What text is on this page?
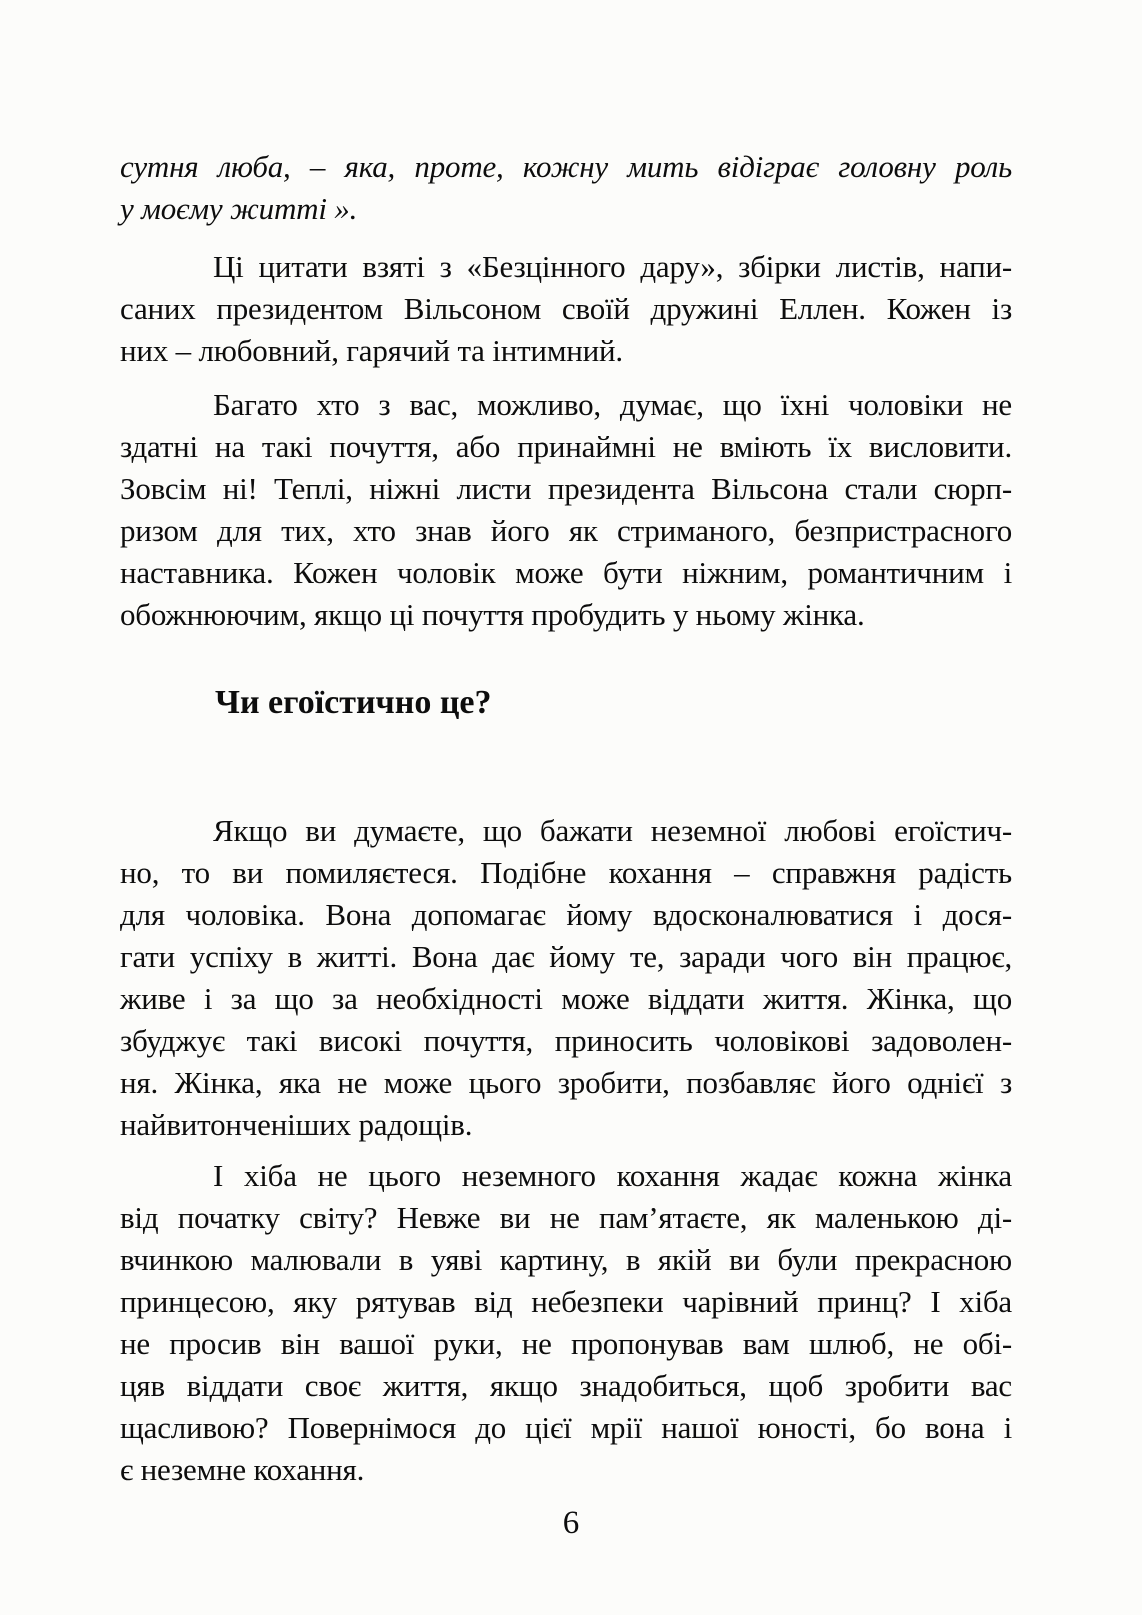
сутня люба, – яка, проте, кожну мить відіграє головну роль
у моєму житті ».
Ці цитати взяті з «Безцінного дару», збірки листів, напи-
саних президентом Вільсоном своїй дружині Еллен. Кожен із
них – любовний, гарячий та інтимний.
Багато хто з вас, можливо, думає, що їхні чоловіки не
здатні на такі почуття, або принаймні не вміють їх висловити.
Зовсім ні! Теплі, ніжні листи президента Вільсона стали сюрп-
ризом для тих, хто знав його як стриманого, безпристрасного
наставника. Кожен чоловік може бути ніжним, романтичним і
обожнюючим, якщо ці почуття пробудить у ньому жінка.
Чи егоїстично це?
Якщо ви думаєте, що бажати неземної любові егоїстич-
но, то ви помиляєтеся. Подібне кохання – справжня радість
для чоловіка. Вона допомагає йому вдосконалюватися і дося-
гати успіху в житті. Вона дає йому те, заради чого він працює,
живе і за що за необхідності може віддати життя. Жінка, що
збуджує такі високі почуття, приносить чоловікові задоволен-
ня. Жінка, яка не може цього зробити, позбавляє його однієї з
найвитонченіших радощів.
І хіба не цього неземного кохання жадає кожна жінка
від початку світу? Невже ви не пам’ятаєте, як маленькою ді-
вчинкою малювали в уяві картину, в якій ви були прекрасною
принцесою, яку рятував від небезпеки чарівний принц? І хіба
не просив він вашої руки, не пропонував вам шлюб, не обі-
цяв віддати своє життя, якщо знадобиться, щоб зробити вас
щасливою? Повернімося до цієї мрії нашої юності, бо вона і
є неземне кохання.
6
